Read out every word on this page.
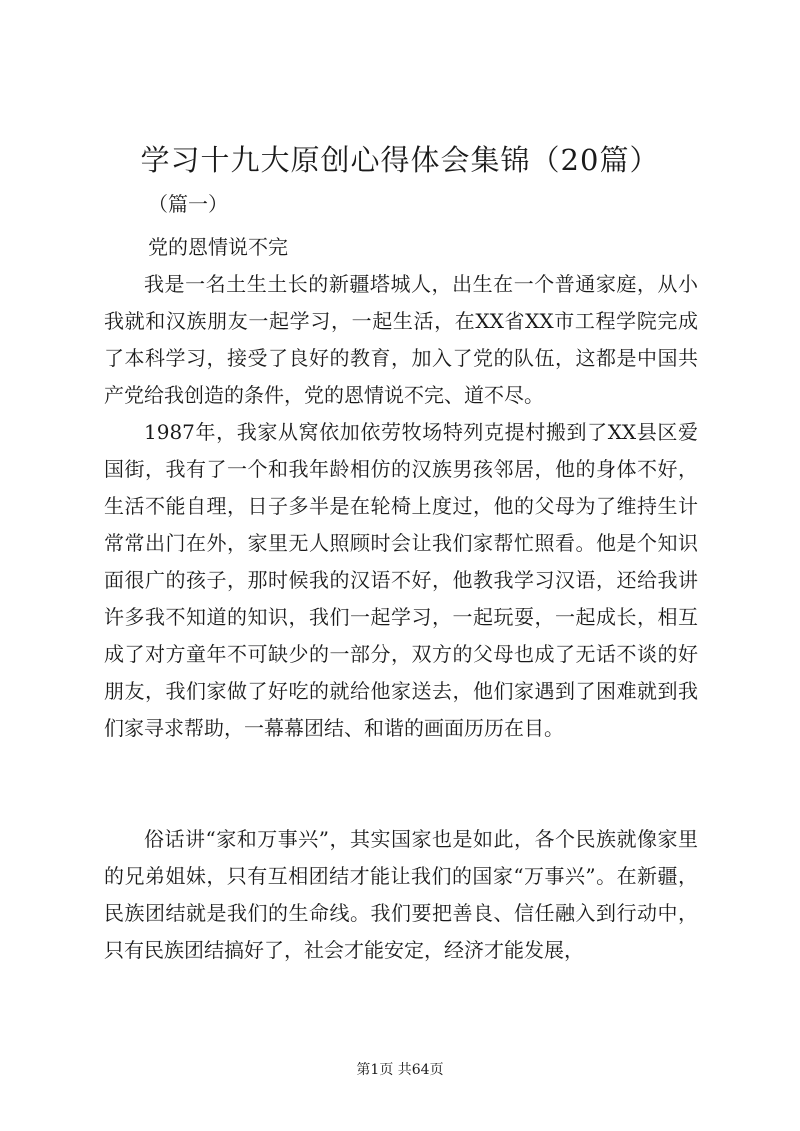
学习十九大原创心得体会集锦（20篇）
（篇一）
党的恩情说不完

我是一名土生土长的新疆塔城人，出生在一个普通家庭，从小我就和汉族朋友一起学习，一起生活，在XX省XX市工程学院完成了本科学习，接受了良好的教育，加入了党的队伍，这都是中国共产党给我创造的条件，党的恩情说不完、道不尽。

1987年，我家从窝依加依劳牧场特列克提村搬到了XX县区爱国街，我有了一个和我年龄相仿的汉族男孩邻居，他的身体不好，生活不能自理，日子多半是在轮椅上度过，他的父母为了维持生计常常出门在外，家里无人照顾时会让我们家帮忙照看。他是个知识面很广的孩子，那时候我的汉语不好，他教我学习汉语，还给我讲许多我不知道的知识，我们一起学习，一起玩耍，一起成长，相互成了对方童年不可缺少的一部分，双方的父母也成了无话不谈的好朋友，我们家做了好吃的就给他家送去，他们家遇到了困难就到我们家寻求帮助，一幕幕团结、和谐的画面历历在目。

俗话讲“家和万事兴”，其实国家也是如此，各个民族就像家里的兄弟姐妹，只有互相团结才能让我们的国家“万事兴”。在新疆，民族团结就是我们的生命线。我们要把善良、信任融入到行动中，只有民族团结搞好了，社会才能安定，经济才能发展，

第1页 共64页
